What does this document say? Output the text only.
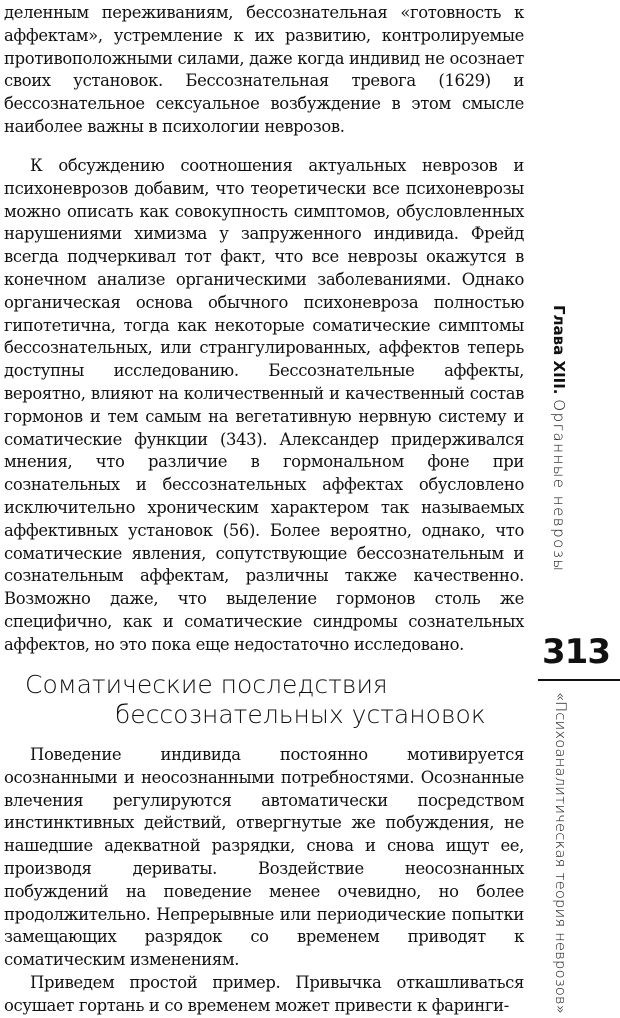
деленным переживаниям, бессознательная «готовность к аффектам», устремление к их развитию, контролируемые противоположными силами, даже когда индивид не осознает своих установок. Бессознательная тревога (1629) и бессознательное сексуальное возбуждение в этом смысле наиболее важны в психологии неврозов.

К обсуждению соотношения актуальных неврозов и психоневрозов добавим, что теоретически все психоневрозы можно описать как совокупность симптомов, обусловленных нарушениями химизма у запруженного индивида. Фрейд всегда подчеркивал тот факт, что все неврозы окажутся в конечном анализе органическими заболеваниями. Однако органическая основа обычного психоневроза полностью гипотетична, тогда как некоторые соматические симптомы бессознательных, или странгулированных, аффектов теперь доступны исследованию. Бессознательные аффекты, вероятно, влияют на количественный и качественный состав гормонов и тем самым на вегетативную нервную систему и соматические функции (343). Александер придерживался мнения, что различие в гормональном фоне при сознательных и бессознательных аффектах обусловлено исключительно хроническим характером так называемых аффективных установок (56). Более вероятно, однако, что соматические явления, сопутствующие бессознательным и сознательным аффектам, различны также качественно. Возможно даже, что выделение гормонов столь же специфично, как и соматические синдромы сознательных аффектов, но это пока еще недостаточно исследовано.

Соматические последствия
бессознательных установок

Поведение индивида постоянно мотивируется осознанными и неосознанными потребностями. Осознанные влечения регулируются автоматически посредством инстинктивных действий, отвергнутые же побуждения, не нашедшие адекватной разрядки, снова и снова ищут ее, производя дериваты. Воздействие неосознанных побуждений на поведение менее очевидно, но более продолжительно. Непрерывные или периодические попытки замещающих разрядок со временем приводят к соматическим изменениям.

Приведем простой пример. Привычка откашливаться осушает гортань и со временем может привести к фаринги-

Глава XIII. Органные неврозы
313
«Психоаналитическая теория неврозов»
